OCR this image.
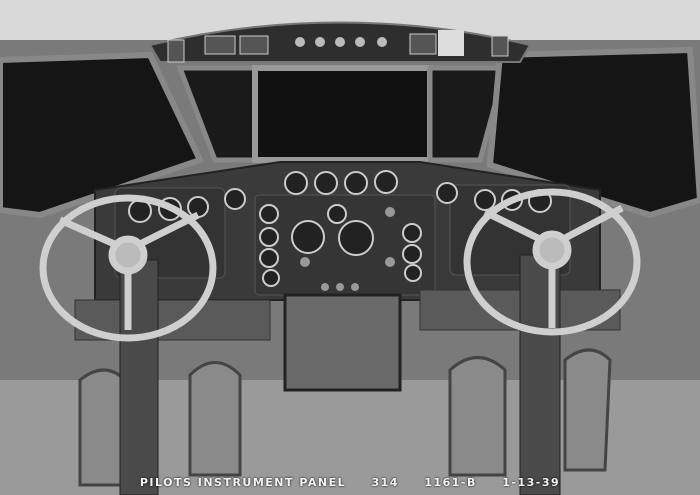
PILOTS INSTRUMENT PANEL 314 1161-B 1-13-39
